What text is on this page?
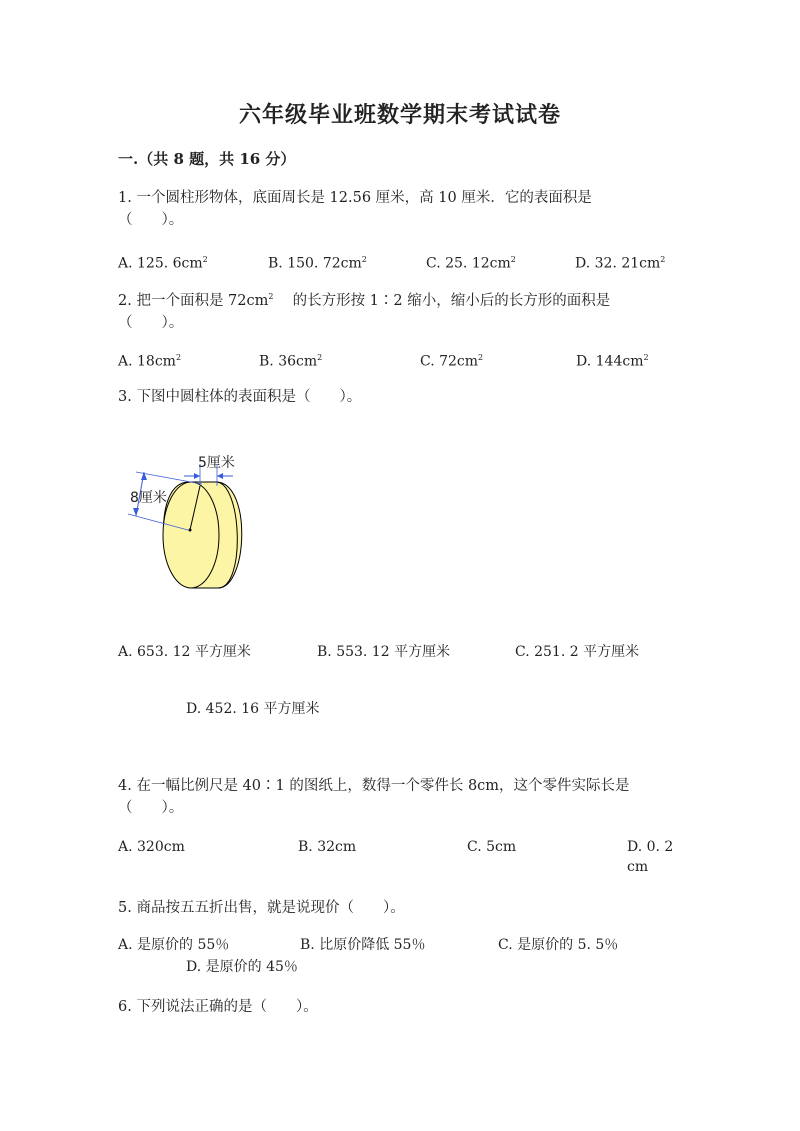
六年级毕业班数学期末考试试卷
一.（共 8 题，共 16 分）
1. 一个圆柱形物体，底面周长是 12.56 厘米，高 10 厘米．它的表面积是
（　　）。
A. 125. $6cm^2$	B. 150. $72cm^2$	C. 25. $12cm^2$	D. 32. $21cm^2$
2. 把一个面积是 $72cm^2$ 　的长方形按 1∶2 缩小，缩小后的长方形的面积是
（　　）。
A. $18cm^2$	B. $36cm^2$	C. $72cm^2$	D. $144cm^2$
3. 下图中圆柱体的表面积是（　　）。
5厘米
8厘米
A. 653. 12 平方厘米	B. 553. 12 平方厘米	C. 251. 2 平方厘米
D. 452. 16 平方厘米
4. 在一幅比例尺是 40∶1 的图纸上，数得一个零件长 8cm，这个零件实际长是
（　　）。
A. 320cm	B. 32cm	C. 5cm	D. 0. 2cm
5. 商品按五五折出售，就是说现价（　　）。
A. 是原价的 55％	B. 比原价降低 55％	C. 是原价的 5. 5％
D. 是原价的 45％
6. 下列说法正确的是（　　）。
